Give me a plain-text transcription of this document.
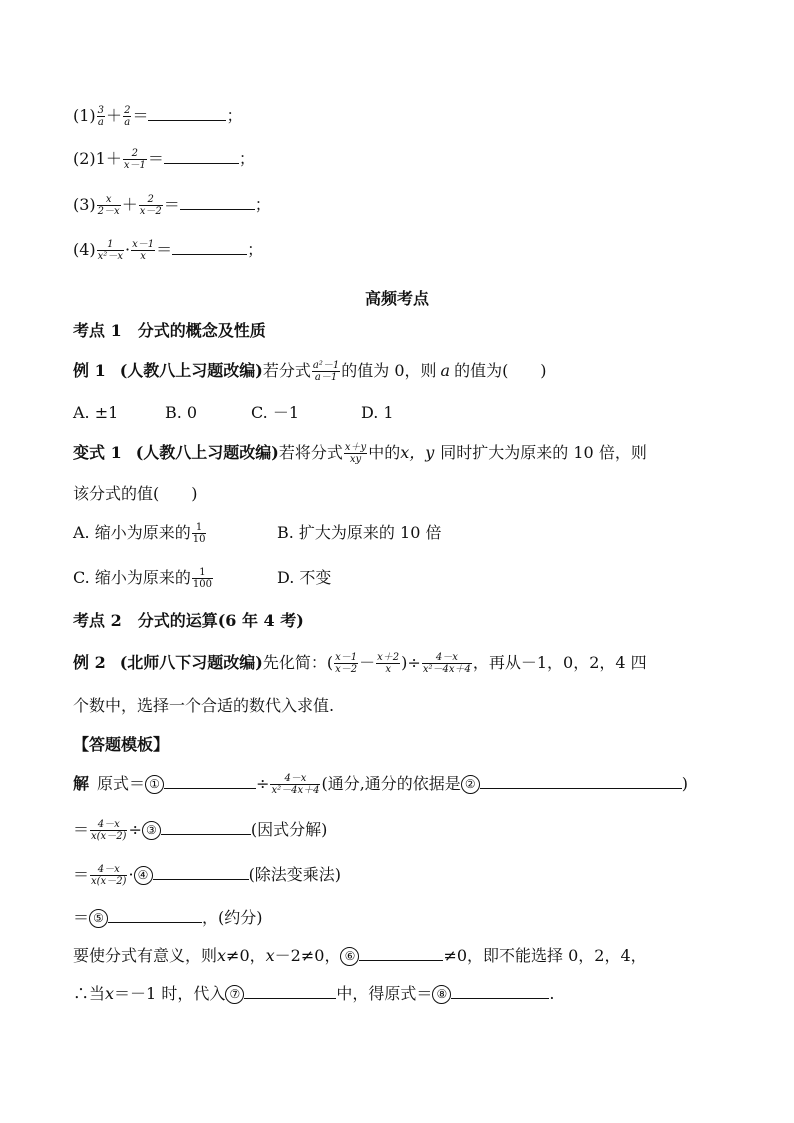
$(1) \frac{3}{a} + \frac{2}{a}$ ＝	；
$(2)1+ \frac{2}{x-1}$ ＝	；
$(3) \frac{x}{2-x} + \frac{2}{x-2}$ ＝	；
$(4) \frac{1}{\text{x²－x}} \cdot \frac{x-1}{x}$ ＝	；
高频考点
考点 1　分式的概念及性质
例 1 (人教八上习题改编)若分式 $\frac{\text{a²－1}}{a-1}$ 的值为 0，则 a 的值为(　　)
A. ±1	B. 0	C. －1	D. 1
变式 1 (人教八上习题改编)若将分式 $\frac{x+y}{xy}$ 中的x，y 同时扩大为原来的 10 倍，则
该分式的值(　　)
A. 缩小为原来的 $\frac{1}{10}$	B. 扩大为原来的 10 倍
C. 缩小为原来的 $\frac{1}{100}$	D. 不变
考点 2　分式的运算(6 年 4 考)
例 2 (北师八下习题改编)先化简：( $\frac{x-1}{x-2} - \frac{x+2}{x}$ )÷ $\frac{4-x}{\text{x²－4x＋4}}$ ，再从－1，0，2，4 四
个数中，选择一个合适的数代入求值.
【答题模板】
解 原式＝ ①	÷ $\frac{4-x}{\text{x²－4x＋4}}$ (通分,通分的依据是 ②	)
＝ $\frac{4-x}{x(x-2)}$ ÷ ③	(因式分解)
＝ $\frac{4-x}{x(x-2)}$ · ④	(除法变乘法)
＝ ⑤	，(约分)
要使分式有意义，则x≠0，x－2≠0， ⑥	≠0，即不能选择 0，2，4，
∴当x＝－1 时，代入 ⑦	中，得原式＝ ⑧	.
